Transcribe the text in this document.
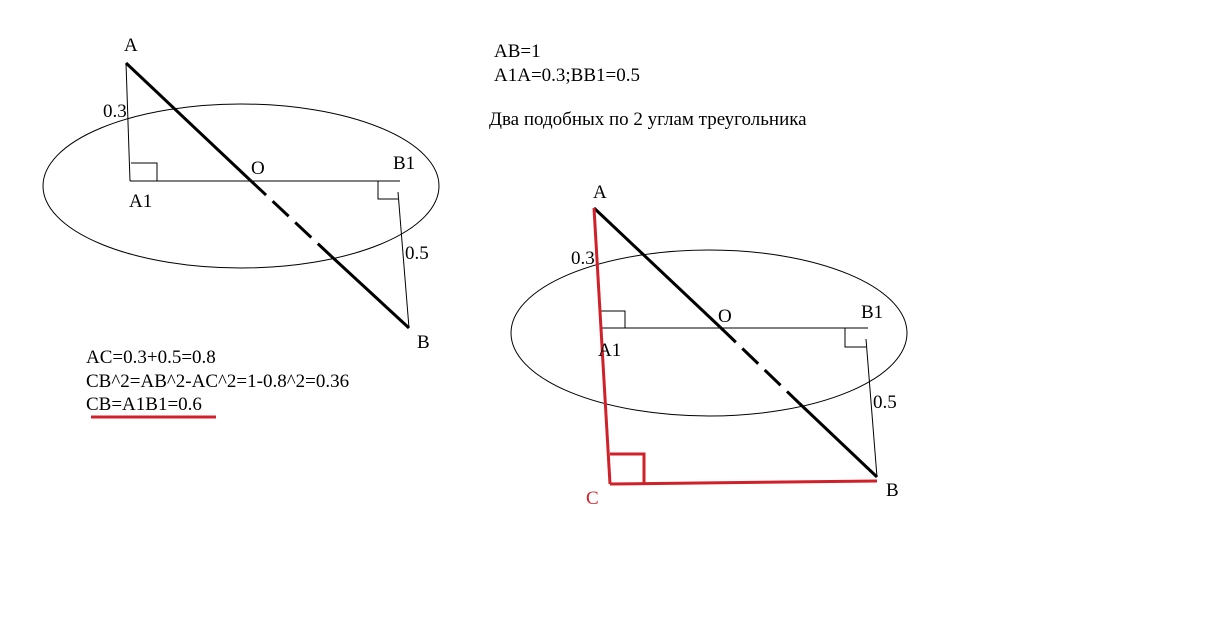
A
A1
O	B1
B
0.3
0.5
AC=0.3+0.5=0.8
CB^2=AB^2-AC^2=1-0.8^2=0.36
CB=A1B1=0.6
AB=1
A1A=0.3;BB1=0.5
Два подобных по 2 углам треугольника
A
A1
O	B1
B
C
0.3
0.5
